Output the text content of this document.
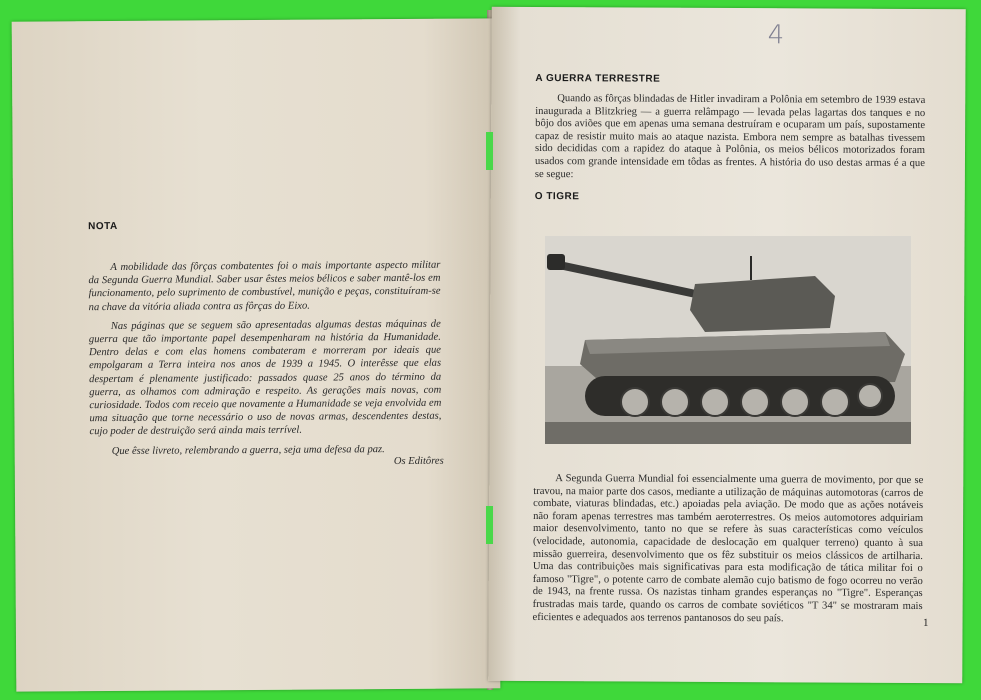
NOTA

A mobilidade das fôrças combatentes foi o mais importante aspecto militar da Segunda Guerra Mundial. Saber usar êstes meios bélicos e saber mantê-los em funcionamento, pelo suprimento de combustível, munição e peças, constituíram-se na chave da vitória aliada contra as fôrças do Eixo.

Nas páginas que se seguem são apresentadas algumas destas máquinas de guerra que tão importante papel desempenharam na história da Humanidade. Dentro delas e com elas homens combateram e morreram por ideais que empolgaram a Terra inteira nos anos de 1939 a 1945. O interêsse que elas despertam é plenamente justificado: passados quase 25 anos do término da guerra, as olhamos com admiração e respeito. As gerações mais novas, com curiosidade. Todos com receio que novamente a Humanidade se veja envolvida em uma situação que torne necessário o uso de novas armas, descendentes destas, cujo poder de destruição será ainda mais terrível.

Que êsse livreto, relembrando a guerra, seja uma defesa da paz.

Os Editôres
4
A GUERRA TERRESTRE

Quando as fôrças blindadas de Hitler invadiram a Polônia em setembro de 1939 estava inaugurada a Blitzkrieg — a guerra relâmpago — levada pelas lagartas dos tanques e no bôjo dos aviões que em apenas uma semana destruíram e ocuparam um país, supostamente capaz de resistir muito mais ao ataque nazista. Embora nem sempre as batalhas tivessem sido decididas com a rapidez do ataque à Polônia, os meios bélicos motorizados foram usados com grande intensidade em tôdas as frentes. A história do uso destas armas é a que se segue:

O TIGRE

A Segunda Guerra Mundial foi essencialmente uma guerra de movimento, por que se travou, na maior parte dos casos, mediante a utilização de máquinas automotoras (carros de combate, viaturas blindadas, etc.) apoiadas pela aviação. De modo que as ações notáveis não foram apenas terrestres mas também aeroterrestres. Os meios automotores adquiriam maior desenvolvimento, tanto no que se refere às suas características como veículos (velocidade, autonomia, capacidade de deslocação em qualquer terreno) quanto à sua missão guerreira, desenvolvimento que os fêz substituir os meios clássicos de artilharia. Uma das contribuições mais significativas para esta modificação de tática militar foi o famoso "Tigre", o potente carro de combate alemão cujo batismo de fogo ocorreu no verão de 1943, na frente russa. Os nazistas tinham grandes esperanças no "Tigre". Esperanças frustradas mais tarde, quando os carros de combate soviéticos "T 34" se mostraram mais eficientes e adequados aos terrenos pantanosos do seu país.	1
